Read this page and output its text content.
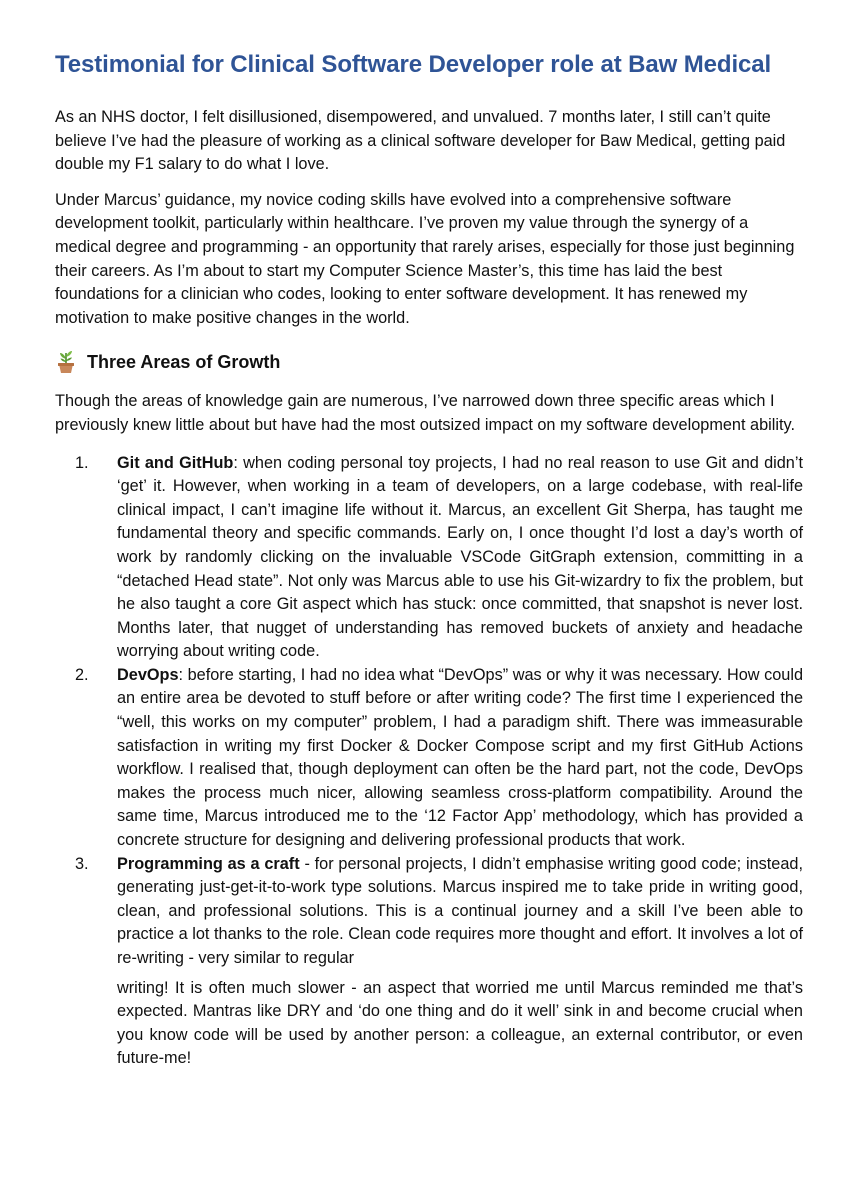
Testimonial for Clinical Software Developer role at Baw Medical

As an NHS doctor, I felt disillusioned, disempowered, and unvalued. 7 months later, I still can’t quite believe I’ve had the pleasure of working as a clinical software developer for Baw Medical, getting paid double my F1 salary to do what I love.

Under Marcus’ guidance, my novice coding skills have evolved into a comprehensive software development toolkit, particularly within healthcare. I’ve proven my value through the synergy of a medical degree and programming - an opportunity that rarely arises, especially for those just beginning their careers. As I’m about to start my Computer Science Master’s, this time has laid the best foundations for a clinician who codes, looking to enter software development. It has renewed my motivation to make positive changes in the world.

Three Areas of Growth

Though the areas of knowledge gain are numerous, I’ve narrowed down three specific areas which I previously knew little about but have had the most outsized impact on my software development ability.

1.	Git and GitHub: when coding personal toy projects, I had no real reason to use Git and didn’t ‘get’ it. However, when working in a team of developers, on a large codebase, with real-life clinical impact, I can’t imagine life without it. Marcus, an excellent Git Sherpa, has taught me fundamental theory and specific commands. Early on, I once thought I’d lost a day’s worth of work by randomly clicking on the invaluable VSCode GitGraph extension, committing in a “detached Head state”. Not only was Marcus able to use his Git-wizardry to fix the problem, but he also taught a core Git aspect which has stuck: once committed, that snapshot is never lost. Months later, that nugget of understanding has removed buckets of anxiety and headache worrying about writing code.
2.	DevOps: before starting, I had no idea what “DevOps” was or why it was necessary. How could an entire area be devoted to stuff before or after writing code? The first time I experienced the “well, this works on my computer” problem, I had a paradigm shift. There was immeasurable satisfaction in writing my first Docker & Docker Compose script and my first GitHub Actions workflow. I realised that, though deployment can often be the hard part, not the code, DevOps makes the process much nicer, allowing seamless cross-platform compatibility. Around the same time, Marcus introduced me to the ‘12 Factor App’ methodology, which has provided a concrete structure for designing and delivering professional products that work.
3.	Programming as a craft - for personal projects, I didn’t emphasise writing good code; instead, generating just-get-it-to-work type solutions. Marcus inspired me to take pride in writing good, clean, and professional solutions. This is a continual journey and a skill I’ve been able to practice a lot thanks to the role. Clean code requires more thought and effort. It involves a lot of re-writing - very similar to regular
writing! It is often much slower - an aspect that worried me until Marcus reminded me that’s expected. Mantras like DRY and ‘do one thing and do it well’ sink in and become crucial when you know code will be used by another person: a colleague, an external contributor, or even future-me!
